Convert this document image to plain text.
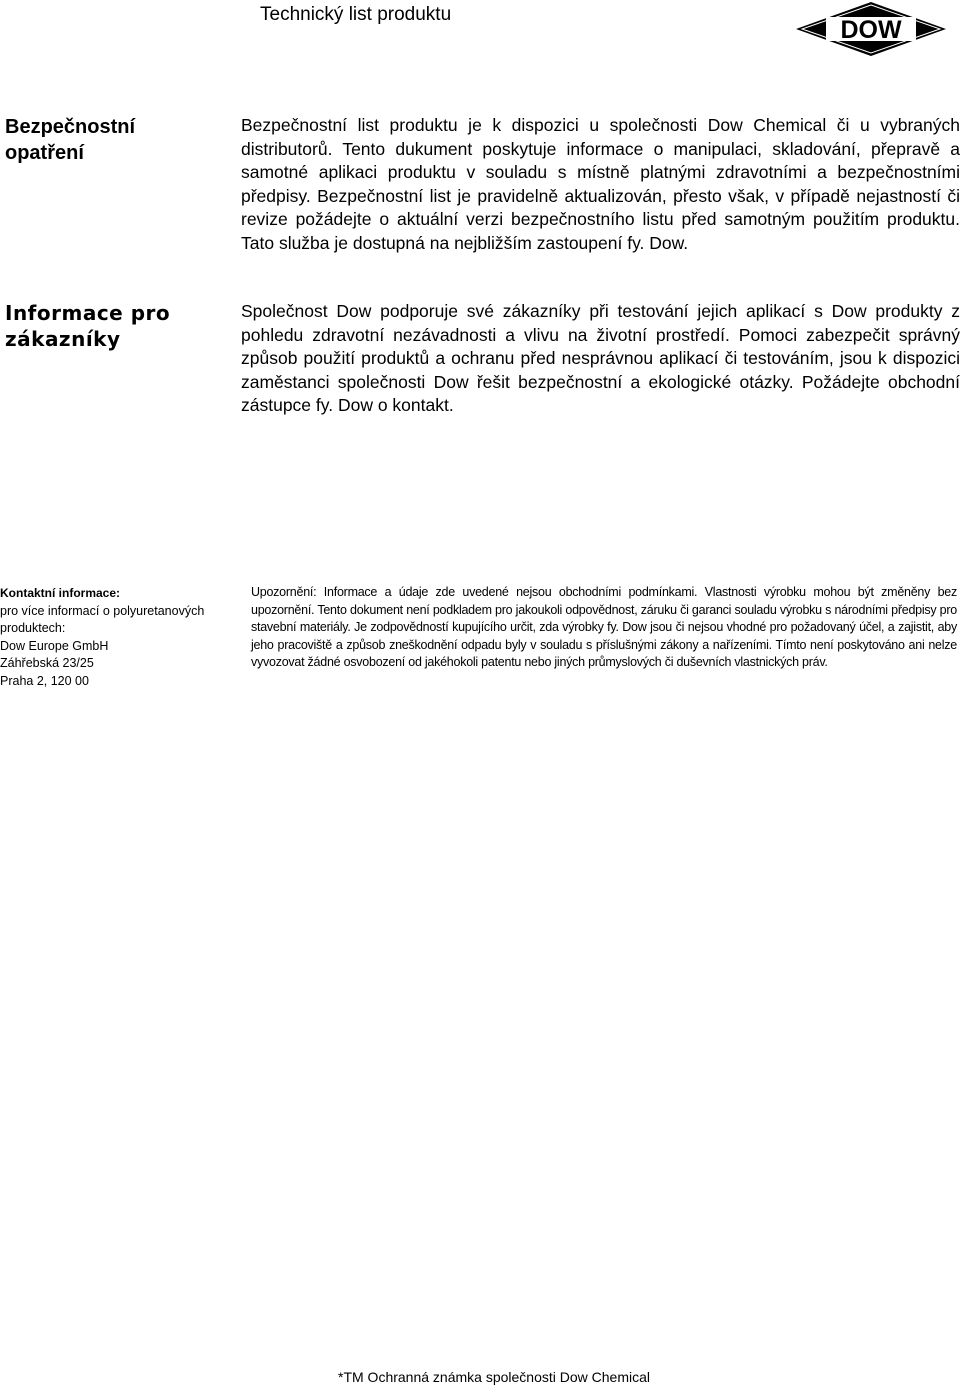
Technický list produktu
DOW
Bezpečnostní opatření
Bezpečnostní list produktu je k dispozici u společnosti Dow Chemical či u vybraných distributorů. Tento dukument poskytuje informace o manipulaci, skladování, přepravě a samotné aplikaci produktu v souladu s místně platnými zdravotními a bezpečnostními předpisy. Bezpečnostní list je pravidelně aktualizován, přesto však, v případě nejastností či revize požádejte o aktuální verzi bezpečnostního listu před samotným použitím produktu. Tato služba je dostupná na nejbližším zastoupení fy. Dow.
Informace pro zákazníky
Společnost Dow podporuje své zákazníky při testování jejich aplikací s Dow produkty z pohledu zdravotní nezávadnosti a vlivu na životní prostředí. Pomoci zabezpečit správný způsob použití produktů a ochranu před nesprávnou aplikací či testováním, jsou k dispozici zaměstanci společnosti Dow řešit bezpečnostní a ekologické otázky. Požádejte obchodní zástupce fy. Dow o kontakt.
Kontaktní informace:
pro více informací o polyuretanových produktech:
Dow Europe GmbH
Záhřebská 23/25
Praha 2, 120 00
Upozornění: Informace a údaje zde uvedené nejsou obchodními podmínkami. Vlastnosti výrobku mohou být změněny bez upozornění. Tento dokument není podkladem pro jakoukoli odpovědnost, záruku či garanci souladu výrobku s národními předpisy pro stavební materiály. Je zodpovědností kupujícího určit, zda výrobky fy. Dow jsou či nejsou vhodné pro požadovaný účel, a zajistit, aby jeho pracoviště a způsob zneškodnění odpadu byly v souladu s příslušnými zákony a nařízeními. Tímto není poskytováno ani nelze vyvozovat žádné osvobození od jakéhokoli patentu nebo jiných průmyslových či duševních vlastnických práv.
*TM Ochranná známka společnosti Dow Chemical
